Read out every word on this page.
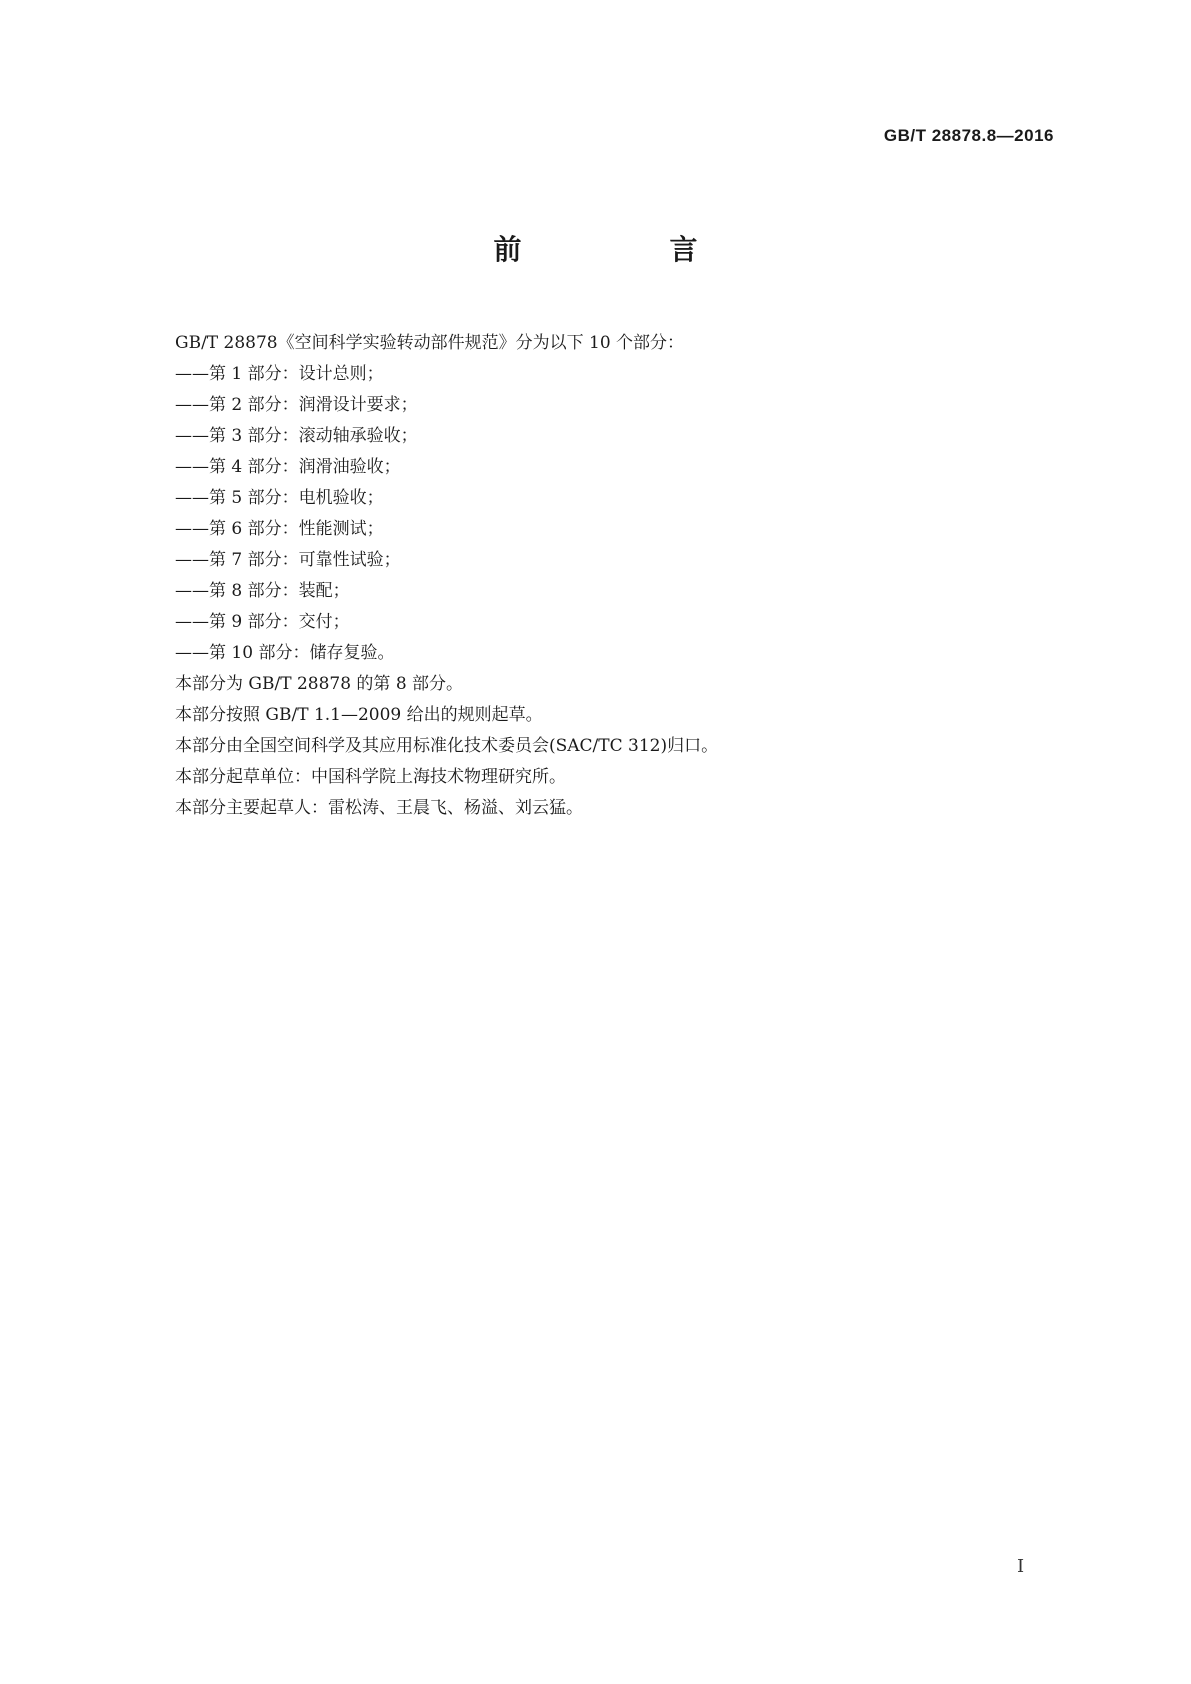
GB/T 28878.8—2016
前　言
GB/T 28878《空间科学实验转动部件规范》分为以下 10 个部分：
——第 1 部分：设计总则；
——第 2 部分：润滑设计要求；
——第 3 部分：滚动轴承验收；
——第 4 部分：润滑油验收；
——第 5 部分：电机验收；
——第 6 部分：性能测试；
——第 7 部分：可靠性试验；
——第 8 部分：装配；
——第 9 部分：交付；
——第 10 部分：储存复验。
本部分为 GB/T 28878 的第 8 部分。
本部分按照 GB/T 1.1—2009 给出的规则起草。
本部分由全国空间科学及其应用标准化技术委员会(SAC/TC 312)归口。
本部分起草单位：中国科学院上海技术物理研究所。
本部分主要起草人：雷松涛、王晨飞、杨溢、刘云猛。
I
